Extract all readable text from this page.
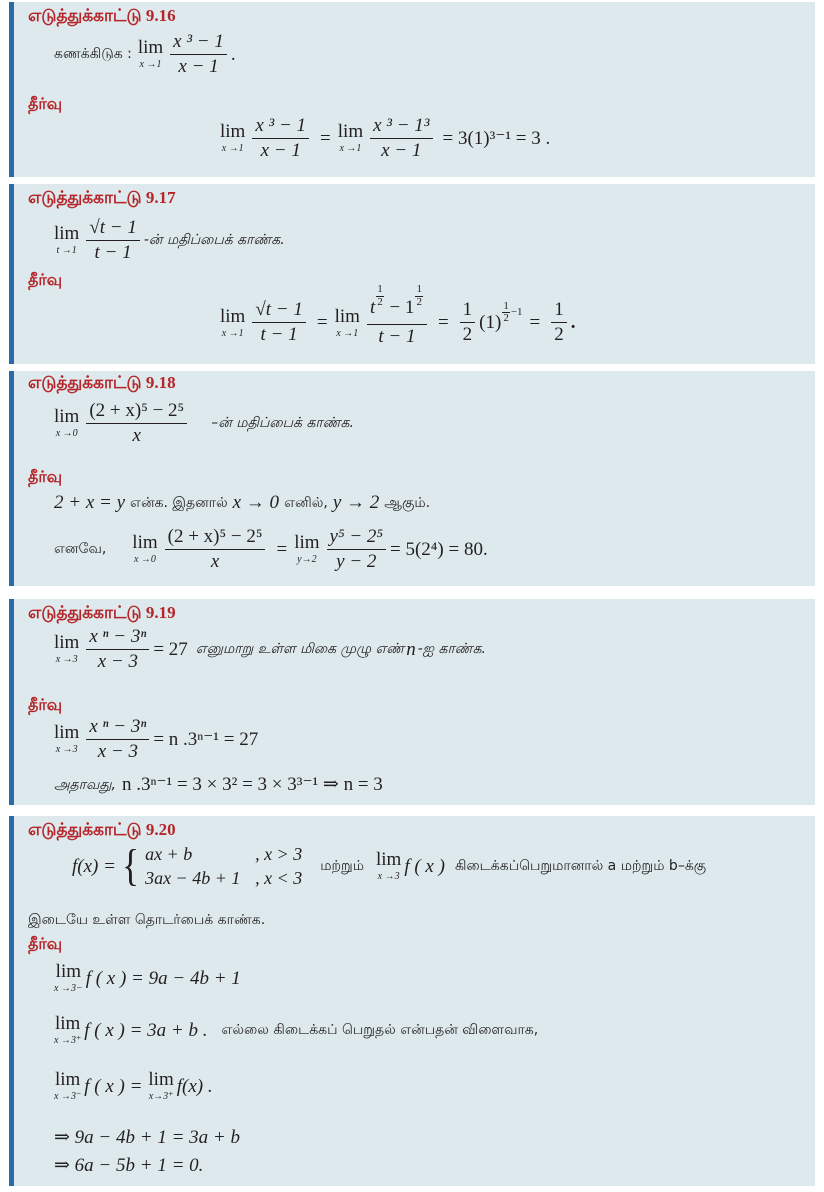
எடுத்துக்காட்டு 9.16
கணக்கிடுக : lim
$x \to 1 \frac{\text{x ³ − 1}}{x - 1}$ .
தீர்வு
lim
$x \to 1 \frac{\text{x ³ − 1}}{x - 1} = \lim$
$x \to 1 \frac{\text{x ³ − 1³}}{x - 1} = 3(1)^{3-1} = 3$ .
எடுத்துக்காட்டு 9.17
lim
$t \to 1 \frac{√t - 1}{t - 1}$ -ன் மதிப்பைக் காண்க.
தீர்வு
lim
$x \to 1 \frac{√t - 1}{t - 1} = \lim$
$x \to 1 \frac{t \frac{1}{2} - 1 \frac{1}{2}}{t - 1} = \frac{1}{2} (1)$
1
$2 -1 = \frac{1}{2}$ .
எடுத்துக்காட்டு 9.18
lim
$x \to 0 \frac{\text{(2 + x)⁵ − 2⁵}}{x}$ –ன் மதிப்பைக் காண்க.
தீர்வு
2 + x = y என்க. இதனால் x → 0 எனில், y → 2 ஆகும்.
எனவே, lim
$x \to 0 \frac{\text{(2 + x)⁵ − 2⁵}}{x} = \lim$
$y\to 2 \frac{\text{y⁵ − 2⁵}}{y - 2} = 5(2^4) = 80$.
எடுத்துக்காட்டு 9.19
lim
$x \to 3 \frac{\text{x ⁿ − 3ⁿ}}{x - 3} = 27$ எனுமாறு உள்ள மிகை முழு எண் n -ஐ காண்க.
தீர்வு
lim
$x \to 3 \frac{\text{x ⁿ − 3ⁿ}}{x - 3} = n$ .3ⁿ⁻¹ = 27
அதாவது, n .3ⁿ⁻¹ = 3 × 3² = 3 × 3³⁻¹ ⇒ n = 3
எடுத்துக்காட்டு 9.20
f(x) = { ax + b	, x > 3
3ax − 4b + 1 , x < 3
மற்றும் lim
x →3 f ( x ) கிடைக்கப்பெறுமானால் a மற்றும் b–க்கு
இடையே உள்ள தொடர்பைக் காண்க.
தீர்வு
lim
x →3− f ( x ) = 9a − 4b + 1
lim
x →3⁺ f ( x ) = 3a + b . எல்லை கிடைக்கப் பெறுதல் என்பதன் விளைவாக,
lim
x →3⁻ f ( x ) = lim
x→3⁺ f(x) .
⇒ 9a − 4b + 1 = 3a + b
⇒ 6a − 5b + 1 = 0.
